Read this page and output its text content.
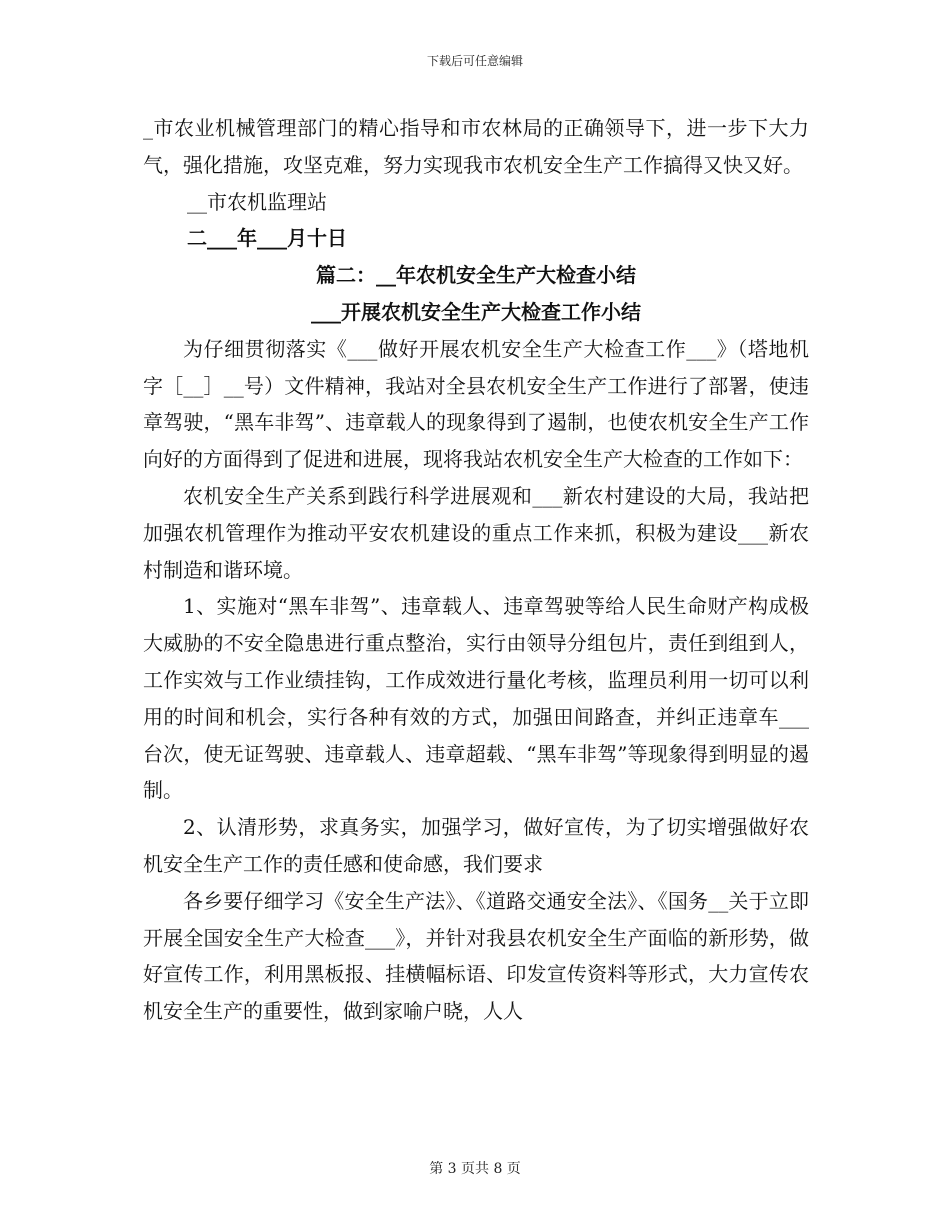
下载后可任意编辑

_市农业机械管理部门的精心指导和市农林局的正确领导下，进一步下大力气，强化措施，攻坚克难，努力实现我市农机安全生产工作搞得又快又好。

__市农机监理站

二___年___月十日

篇二：__年农机安全生产大检查小结

___开展农机安全生产大检查工作小结

为仔细贯彻落实《___做好开展农机安全生产大检查工作___》（塔地机字［__］__号）文件精神，我站对全县农机安全生产工作进行了部署，使违章驾驶，“黑车非驾”、违章载人的现象得到了遏制，也使农机安全生产工作向好的方面得到了促进和进展，现将我站农机安全生产大检查的工作如下：

农机安全生产关系到践行科学进展观和___新农村建设的大局，我站把加强农机管理作为推动平安农机建设的重点工作来抓，积极为建设___新农村制造和谐环境。

1、实施对“黑车非驾”、违章载人、违章驾驶等给人民生命财产构成极大威胁的不安全隐患进行重点整治，实行由领导分组包片，责任到组到人，工作实效与工作业绩挂钩，工作成效进行量化考核，监理员利用一切可以利用的时间和机会，实行各种有效的方式，加强田间路查，并纠正违章车___台次，使无证驾驶、违章载人、违章超载、“黑车非驾”等现象得到明显的遏制。

2、认清形势，求真务实，加强学习，做好宣传，为了切实增强做好农机安全生产工作的责任感和使命感，我们要求

各乡要仔细学习《安全生产法》、《道路交通安全法》、《国务__关于立即开展全国安全生产大检查___》，并针对我县农机安全生产面临的新形势，做好宣传工作，利用黑板报、挂横幅标语、印发宣传资料等形式，大力宣传农机安全生产的重要性，做到家喻户晓，人人

第 3 页共 8 页
